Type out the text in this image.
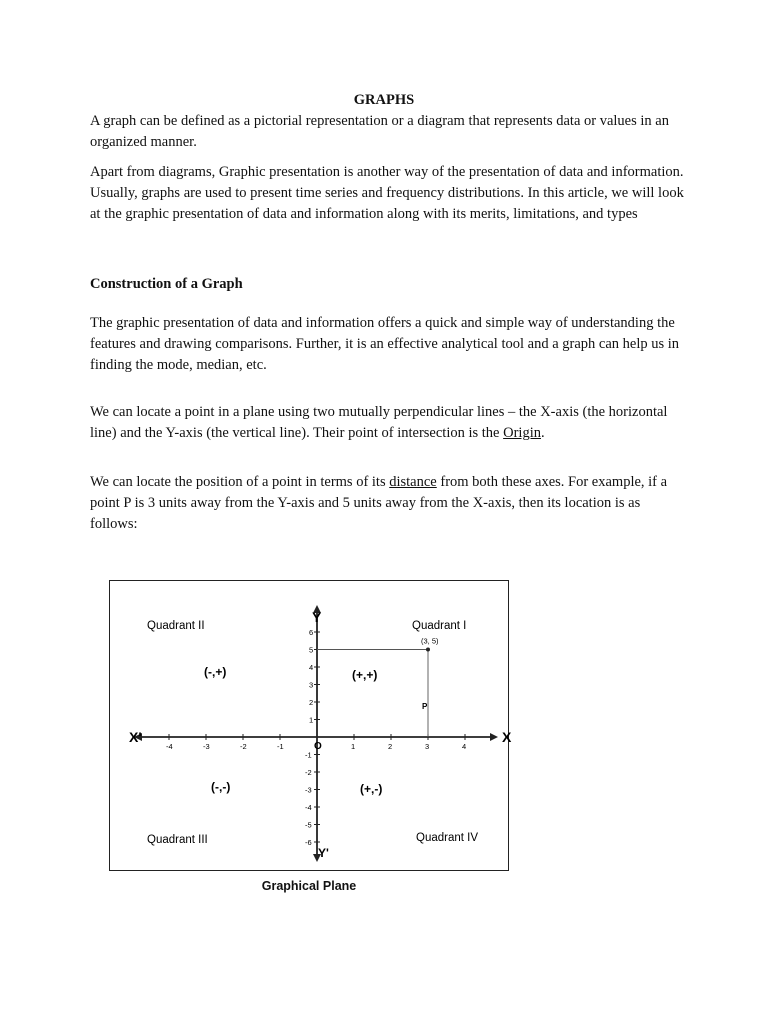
GRAPHS

A graph can be defined as a pictorial representation or a diagram that represents data or values in an organized manner.

Apart from diagrams, Graphic presentation is another way of the presentation of data and information. Usually, graphs are used to present time series and frequency distributions. In this article, we will look at the graphic presentation of data and information along with its merits, limitations, and types

Construction of a Graph

The graphic presentation of data and information offers a quick and simple way of understanding the features and drawing comparisons. Further, it is an effective analytical tool and a graph can help us in finding the mode, median, etc.

We can locate a point in a plane using two mutually perpendicular lines – the X-axis (the horizontal line) and the Y-axis (the vertical line). Their point of intersection is the Origin.

We can locate the position of a point in terms of its distance from both these axes. For example, if a point P is 3 units away from the Y-axis and 5 units away from the X-axis, then its location is as follows:

X
X'
Y
Y'
O
-4	-3	-2	-1	1	2	3	4
6
5
4
3
2
1
-1
-2
-3
-4
-5
-6
(3, 5)
P
Quadrant II	Quadrant I
Quadrant III	Quadrant IV
(-,+)	(+,+)
(-,-)	(+,-)
Graphical Plane
